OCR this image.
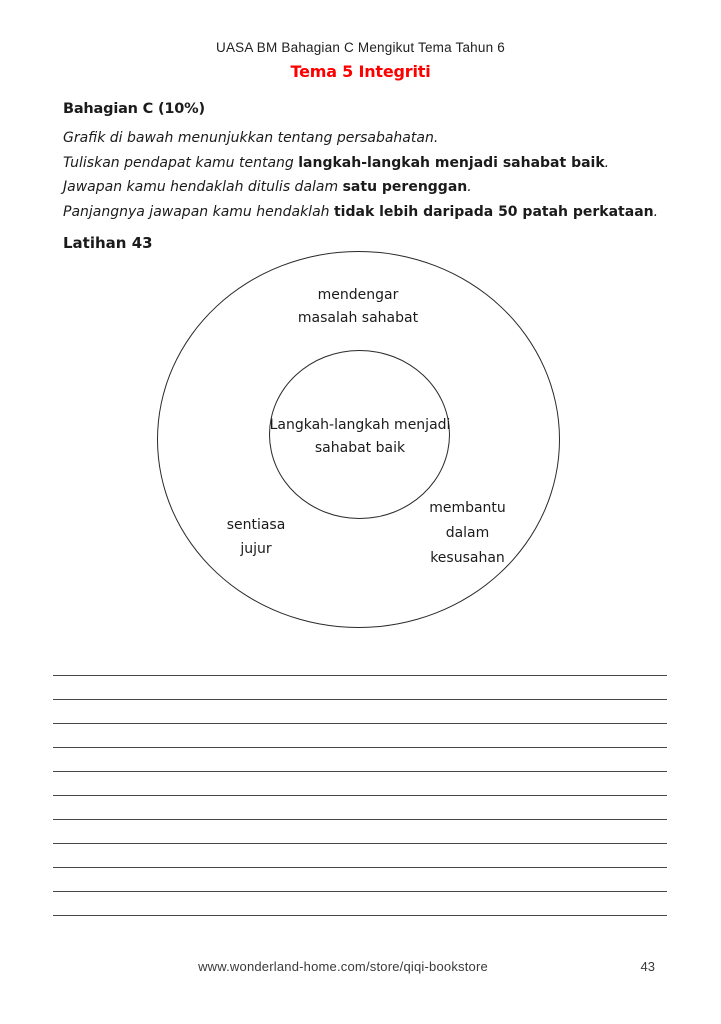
UASA BM Bahagian C Mengikut Tema Tahun 6
Tema 5 Integriti
Bahagian C (10%)
Grafik di bawah menunjukkan tentang persabahatan.
Tuliskan pendapat kamu tentang langkah-langkah menjadi sahabat baik.
Jawapan kamu hendaklah ditulis dalam satu perenggan.
Panjangnya jawapan kamu hendaklah tidak lebih daripada 50 patah perkataan.
Latihan 43
mendengar
masalah sahabat
Langkah-langkah menjadi
sahabat baik
sentiasa
jujur
membantu
dalam
kesusahan
www.wonderland-home.com/store/qiqi-bookstore	43
